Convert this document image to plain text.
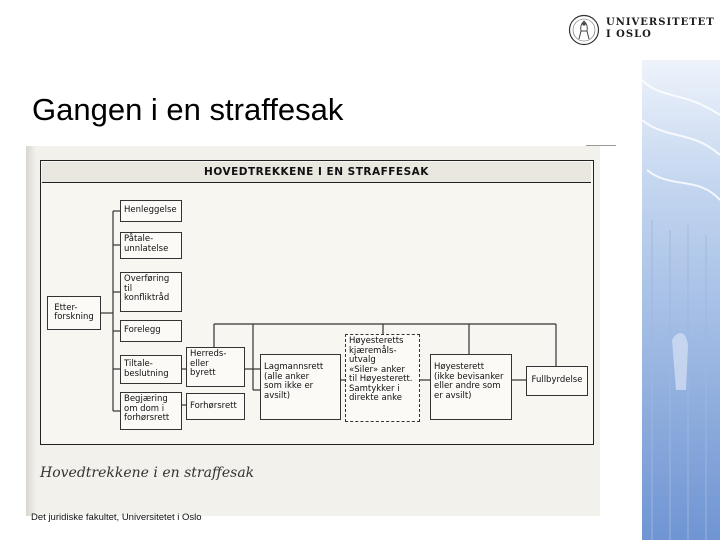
UNIVERSITETET
I OSLO
Gangen i en straffesak
HOVEDTREKKENE I EN STRAFFESAK
Etter-
forskning
Henleggelse
Påtale-
unnlatelse
Overføring
til
konfliktråd
Forelegg
Tiltale-
beslutning
Begjæring
om dom i
forhørsrett
Herreds-
eller
byrett
Forhørsrett
Lagmannsrett
(alle anker
som ikke er
avsilt)
Høyesteretts
kjæremåls-
utvalg
«Siler» anker
til Høyesterett.
Samtykker i
direkte anke
Høyesterett
(ikke bevisanker
eller andre som
er avsilt)
Fullbyrdelse
Hovedtrekkene i en straffesak
Det juridiske fakultet, Universitetet i Oslo
